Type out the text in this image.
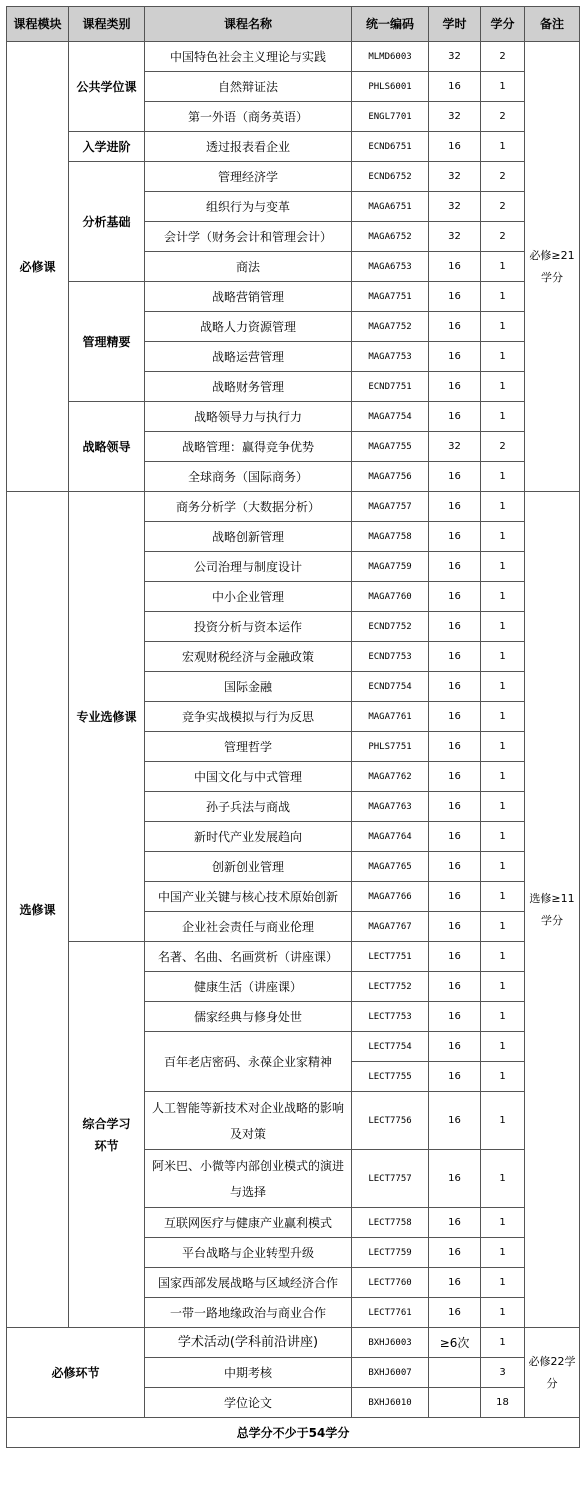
课程模块	课程类别	课程名称	统一编码	学时	学分	备注
必修课	公共学位课	中国特色社会主义理论与实践	MLMD6003	32	2	必修≥21学分
		自然辩证法	PHLS6001	16	1	
		第一外语（商务英语）	ENGL7701	32	2	
	入学进阶	透过报表看企业	ECND6751	16	1	
	分析基础	管理经济学	ECND6752	32	2	
		组织行为与变革	MAGA6751	32	2	
		会计学（财务会计和管理会计）	MAGA6752	32	2	
		商法	MAGA6753	16	1	
	管理精要	战略营销管理	MAGA7751	16	1	
		战略人力资源管理	MAGA7752	16	1	
		战略运营管理	MAGA7753	16	1	
		战略财务管理	ECND7751	16	1	
	战略领导	战略领导力与执行力	MAGA7754	16	1	
		战略管理：赢得竞争优势	MAGA7755	32	2	
		全球商务（国际商务）	MAGA7756	16	1	
选修课	专业选修课	商务分析学（大数据分析）	MAGA7757	16	1	选修≥11学分
		战略创新管理	MAGA7758	16	1	
		公司治理与制度设计	MAGA7759	16	1	
		中小企业管理	MAGA7760	16	1	
		投资分析与资本运作	ECND7752	16	1	
		宏观财税经济与金融政策	ECND7753	16	1	
		国际金融	ECND7754	16	1	
		竞争实战模拟与行为反思	MAGA7761	16	1	
		管理哲学	PHLS7751	16	1	
		中国文化与中式管理	MAGA7762	16	1	
		孙子兵法与商战	MAGA7763	16	1	
		新时代产业发展趋向	MAGA7764	16	1	
		创新创业管理	MAGA7765	16	1	
		中国产业关键与核心技术原始创新	MAGA7766	16	1	
		企业社会责任与商业伦理	MAGA7767	16	1	
	综合学习环节	名著、名曲、名画赏析（讲座课）	LECT7751	16	1	
		健康生活（讲座课）	LECT7752	16	1	
		儒家经典与修身处世	LECT7753	16	1	
		百年老店密码、永葆企业家精神	LECT7754	16	1	
			LECT7755	16	1	
		人工智能等新技术对企业战略的影响及对策	LECT7756	16	1	
		阿米巴、小微等内部创业模式的演进与选择	LECT7757	16	1	
		互联网医疗与健康产业赢利模式	LECT7758	16	1	
		平台战略与企业转型升级	LECT7759	16	1	
		国家西部发展战略与区域经济合作	LECT7760	16	1	
		一带一路地缘政治与商业合作	LECT7761	16	1	
必修环节		学术活动(学科前沿讲座)	BXHJ6003	≥6次	1	必修22学分
		中期考核	BXHJ6007		3	
		学位论文	BXHJ6010		18	
总学分不少于54学分						
